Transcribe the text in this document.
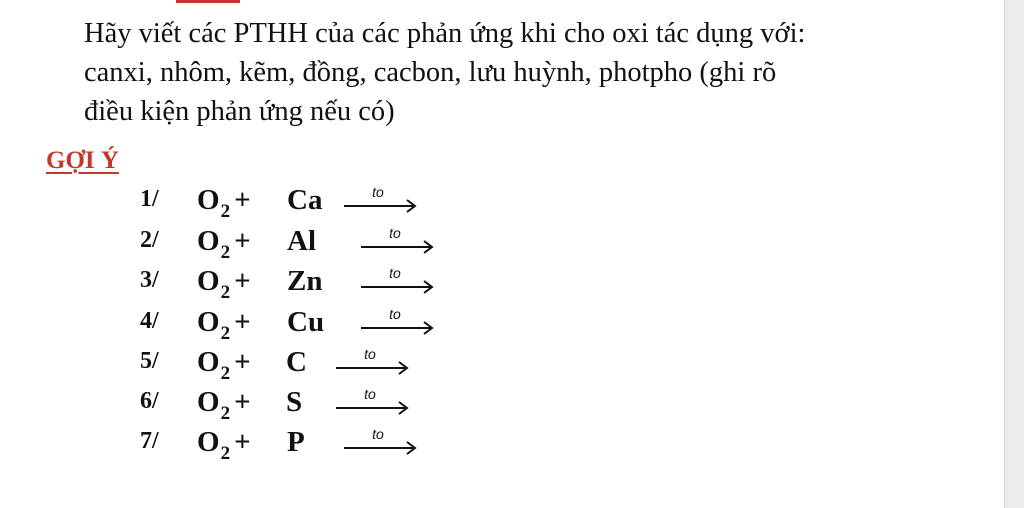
Hãy viết các PTHH của các phản ứng khi cho oxi tác dụng với:

canxi, nhôm, kẽm, đồng, cacbon, lưu huỳnh, photpho (ghi rõ

điều kiện phản ứng nếu có)

GỢI Ý
1/ $O_2 + Ca$	to
2/ $O_2 + Al$	to
3/ $O_2 + Zn$	to
4/ $O_2 + Cu$	to
5/ $O_2 + C$	to
6/ $O_2 + S$	to
7/ $O_2 + P$	to
